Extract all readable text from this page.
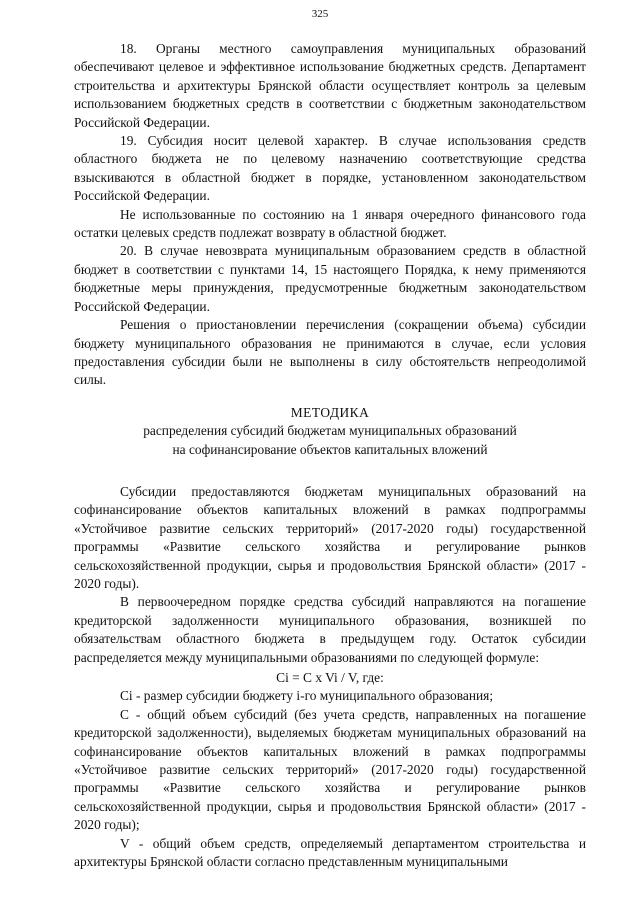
325

18. Органы местного самоуправления муниципальных образований обеспечивают целевое и эффективное использование бюджетных средств. Департамент строительства и архитектуры Брянской области осуществляет контроль за целевым использованием бюджетных средств в соответствии с бюджетным законодательством Российской Федерации.

19. Субсидия носит целевой характер. В случае использования средств областного бюджета не по целевому назначению соответствующие средства взыскиваются в областной бюджет в порядке, установленном законодательством Российской Федерации.

Не использованные по состоянию на 1 января очередного финансового года остатки целевых средств подлежат возврату в областной бюджет.

20. В случае невозврата муниципальным образованием средств в областной бюджет в соответствии с пунктами 14, 15 настоящего Порядка, к нему применяются бюджетные меры принуждения, предусмотренные бюджетным законодательством Российской Федерации.

Решения о приостановлении перечисления (сокращении объема) субсидии бюджету муниципального образования не принимаются в случае, если условия предоставления субсидии были не выполнены в силу обстоятельств непреодолимой силы.

МЕТОДИКА

распределения субсидий бюджетам муниципальных образований

на софинансирование объектов капитальных вложений

Субсидии предоставляются бюджетам муниципальных образований на софинансирование объектов капитальных вложений в рамках подпрограммы «Устойчивое развитие сельских территорий» (2017-2020 годы) государственной программы «Развитие сельского хозяйства и регулирование рынков сельскохозяйственной продукции, сырья и продовольствия Брянской области» (2017 - 2020 годы).

В первоочередном порядке средства субсидий направляются на погашение кредиторской задолженности муниципального образования, возникшей по обязательствам областного бюджета в предыдущем году. Остаток субсидии распределяется между муниципальными образованиями по следующей формуле:

Ci = C x Vi / V, где:

Ci - размер субсидии бюджету i-го муниципального образования;

C - общий объем субсидий (без учета средств, направленных на погашение кредиторской задолженности), выделяемых бюджетам муниципальных образований на софинансирование объектов капитальных вложений в рамках подпрограммы «Устойчивое развитие сельских территорий» (2017-2020 годы) государственной программы «Развитие сельского хозяйства и регулирование рынков сельскохозяйственной продукции, сырья и продовольствия Брянской области» (2017 - 2020 годы);

V - общий объем средств, определяемый департаментом строительства и архитектуры Брянской области согласно представленным муниципальными
